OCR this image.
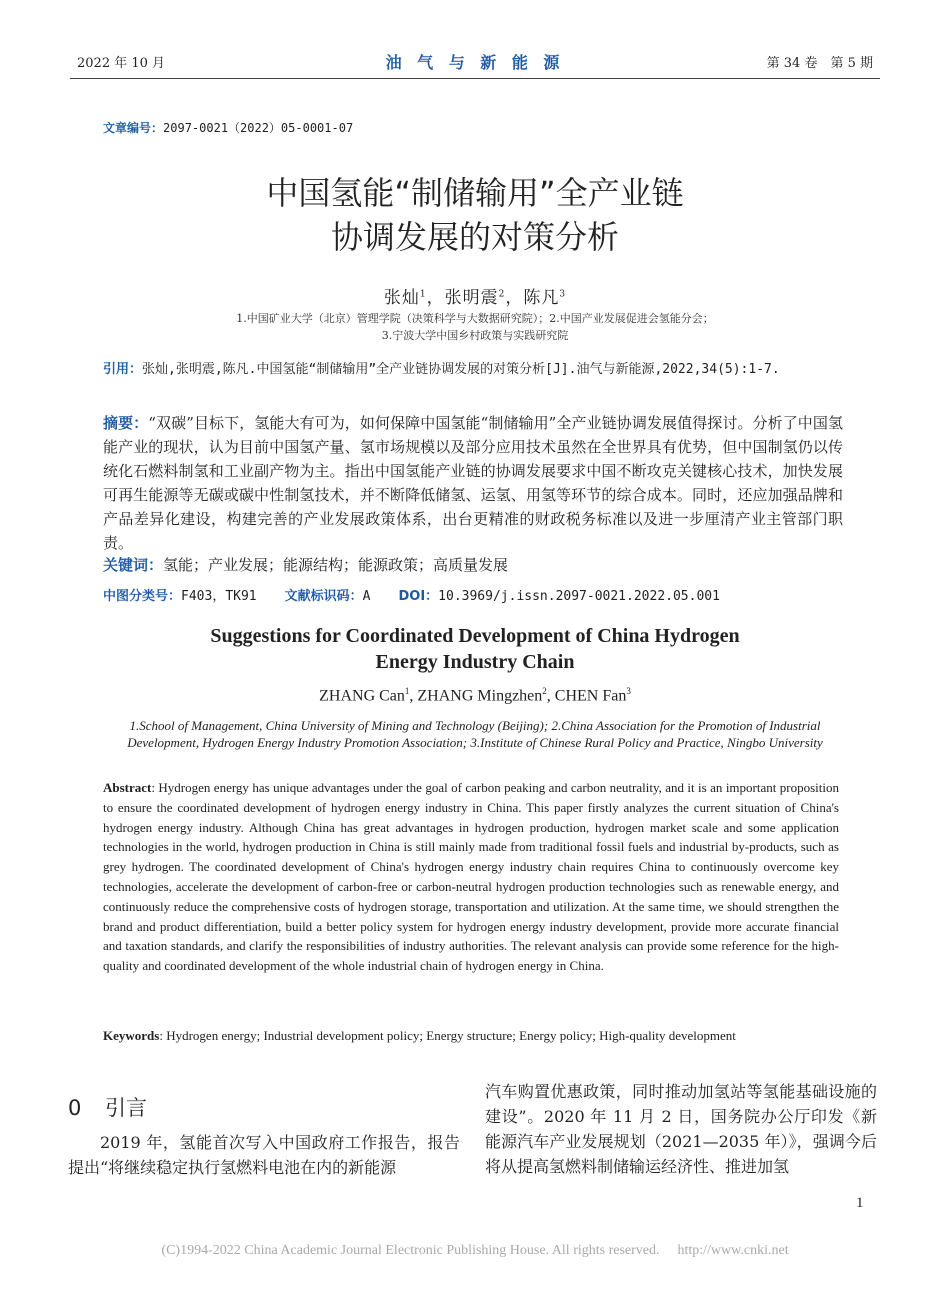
2022 年 10 月	油 气 与 新 能 源	第 34 卷　第 5 期
文章编号：2097-0021（2022）05-0001-07
中国氢能“制储输用”全产业链
协调发展的对策分析
张灿$^1$，张明震$^2$，陈凡$^3$
1.中国矿业大学（北京）管理学院（决策科学与大数据研究院）；2.中国产业发展促进会氢能分会；
3.宁波大学中国乡村政策与实践研究院
引用：张灿,张明震,陈凡.中国氢能“制储输用”全产业链协调发展的对策分析[J].油气与新能源,2022,34(5):1-7.
摘要：“双碳”目标下，氢能大有可为，如何保障中国氢能“制储输用”全产业链协调发展值得探讨。分析了中国氢能产业的现状，认为目前中国氢产量、氢市场规模以及部分应用技术虽然在全世界具有优势，但中国制氢仍以传统化石燃料制氢和工业副产物为主。指出中国氢能产业链的协调发展要求中国不断攻克关键核心技术，加快发展可再生能源等无碳或碳中性制氢技术，并不断降低储氢、运氢、用氢等环节的综合成本。同时，还应加强品牌和产品差异化建设，构建完善的产业发展政策体系，出台更精准的财政税务标准以及进一步厘清产业主管部门职责。
关键词：氢能；产业发展；能源结构；能源政策；高质量发展
中图分类号：F403，TK91 文献标识码：A DOI：10.3969/j.issn.2097-0021.2022.05.001
Suggestions for Coordinated Development of China Hydrogen
Energy Industry Chain
ZHANG Can$^1$, ZHANG Mingzhen$^2$, CHEN Fan$^3$
1.School of Management, China University of Mining and Technology (Beijing); 2.China Association for the Promotion of Industrial Development, Hydrogen Energy Industry Promotion Association; 3.Institute of Chinese Rural Policy and Practice, Ningbo University
Abstract: Hydrogen energy has unique advantages under the goal of carbon peaking and carbon neutrality, and it is an important proposition to ensure the coordinated development of hydrogen energy industry in China. This paper firstly analyzes the current situation of China's hydrogen energy industry. Although China has great advantages in hydrogen production, hydrogen market scale and some application technologies in the world, hydrogen production in China is still mainly made from traditional fossil fuels and industrial by-products, such as grey hydrogen. The coordinated development of China's hydrogen energy industry chain requires China to continuously overcome key technologies, accelerate the development of carbon-free or carbon-neutral hydrogen production technologies such as renewable energy, and continuously reduce the comprehensive costs of hydrogen storage, transportation and utilization. At the same time, we should strengthen the brand and product differentiation, build a better policy system for hydrogen energy industry development, provide more accurate financial and taxation standards, and clarify the responsibilities of industry authorities. The relevant analysis can provide some reference for the high-quality and coordinated development of the whole industrial chain of hydrogen energy in China.
Keywords: Hydrogen energy; Industrial development policy; Energy structure; Energy policy; High-quality development
0 引言

2019 年，氢能首次写入中国政府工作报告，报告提出“将继续稳定执行氢燃料电池在内的新能源

汽车购置优惠政策，同时推动加氢站等氢能基础设施的建设”。2020 年 11 月 2 日，国务院办公厅印发《新能源汽车产业发展规划（2021—2035 年）》，强调今后将从提高氢燃料制储输运经济性、推进加氢

1
(C)1994-2022 China Academic Journal Electronic Publishing House. All rights reserved. http://www.cnki.net
